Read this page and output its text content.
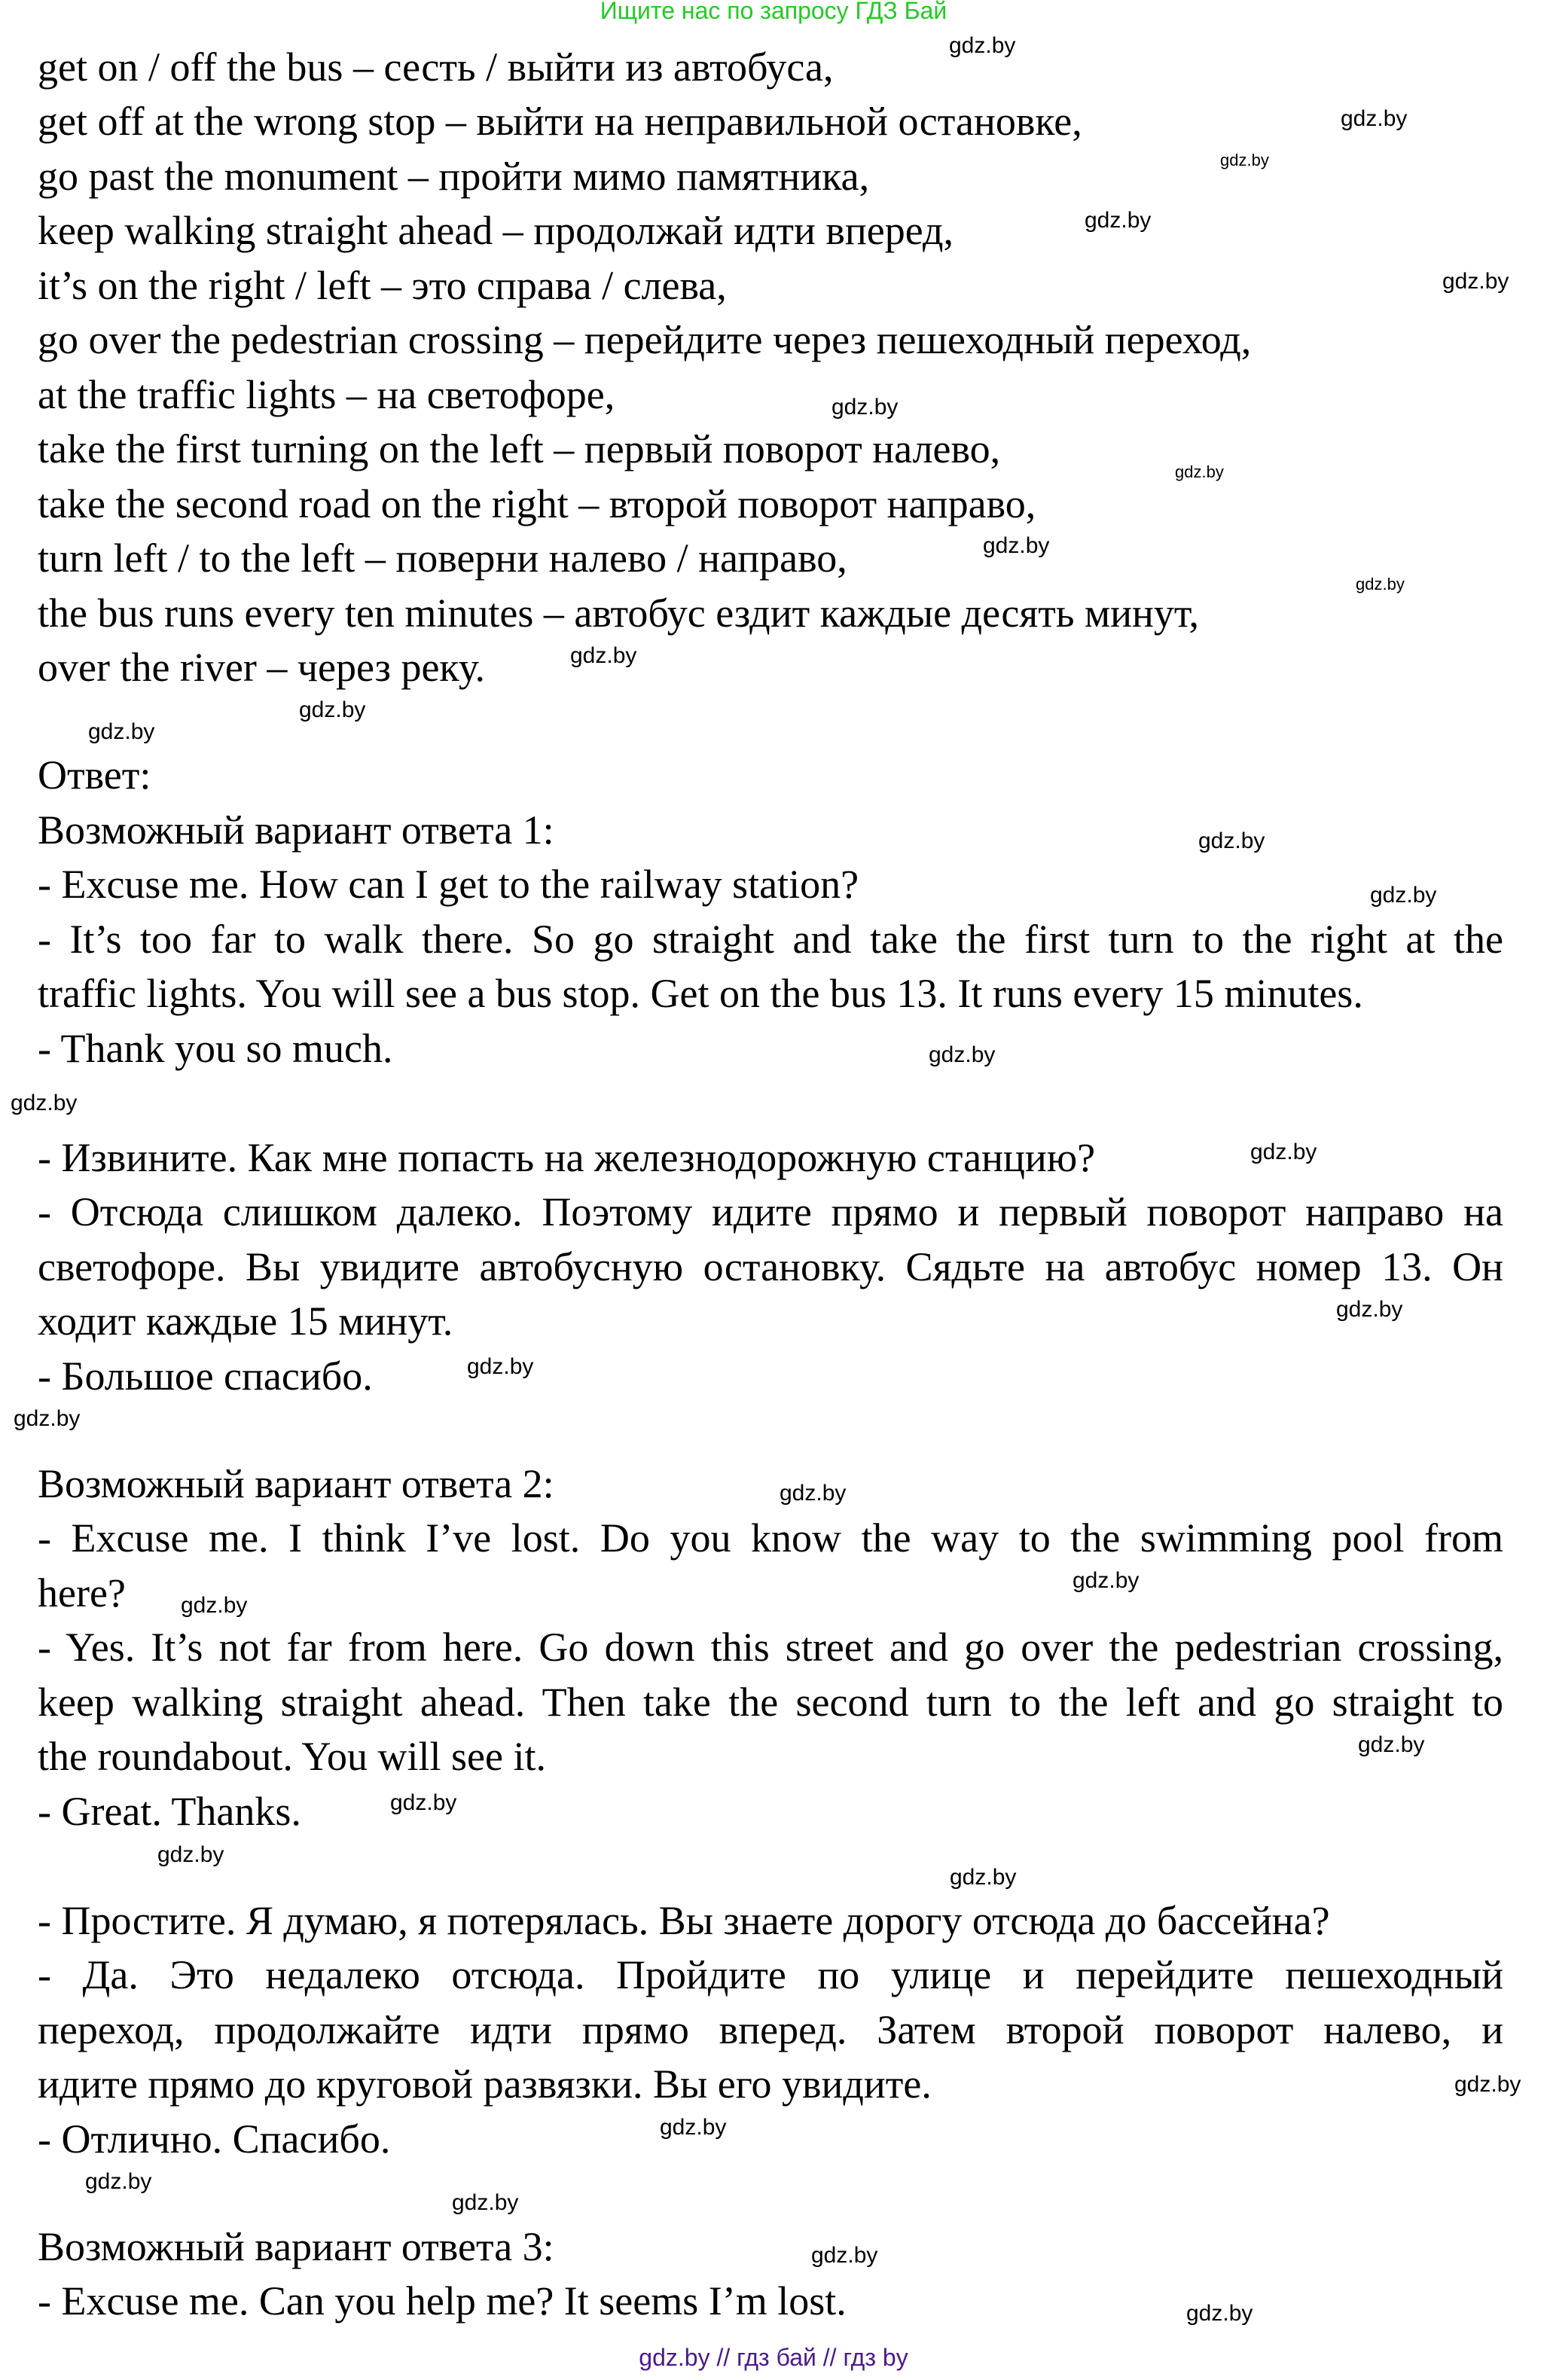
Ищите нас по запросу ГДЗ Бай
get on / off the bus – сесть / выйти из автобуса,
get off at the wrong stop – выйти на неправильной остановке,
go past the monument – пройти мимо памятника,
keep walking straight ahead – продолжай идти вперед,
it’s on the right / left – это справа / слева,
go over the pedestrian crossing – перейдите через пешеходный переход,
at the traffic lights – на светофоре,
take the first turning on the left – первый поворот налево,
take the second road on the right – второй поворот направо,
turn left / to the left – поверни налево / направо,
the bus runs every ten minutes – автобус ездит каждые десять минут,
over the river – через реку.
Ответ:
Возможный вариант ответа 1:
- Excuse me. How can I get to the railway station?
- It’s too far to walk there. So go straight and take the first turn to the right at the
traffic lights. You will see a bus stop. Get on the bus 13. It runs every 15 minutes.
- Thank you so much.
- Извините. Как мне попасть на железнодорожную станцию?
- Отсюда слишком далеко. Поэтому идите прямо и первый поворот направо на
светофоре. Вы увидите автобусную остановку. Сядьте на автобус номер 13. Он
ходит каждые 15 минут.
- Большое спасибо.
Возможный вариант ответа 2:
- Excuse me. I think I’ve lost. Do you know the way to the swimming pool from
here?
- Yes. It’s not far from here. Go down this street and go over the pedestrian crossing,
keep walking straight ahead. Then take the second turn to the left and go straight to
the roundabout. You will see it.
- Great. Thanks.
- Простите. Я думаю, я потерялась. Вы знаете дорогу отсюда до бассейна?
- Да. Это недалеко отсюда. Пройдите по улице и перейдите пешеходный
переход, продолжайте идти прямо вперед. Затем второй поворот налево, и
идите прямо до круговой развязки. Вы его увидите.
- Отлично. Спасибо.
Возможный вариант ответа 3:
- Excuse me. Can you help me? It seems I’m lost.
gdz.by
gdz.by
gdz.by
gdz.by
gdz.by
gdz.by
gdz.by
gdz.by
gdz.by
gdz.by
gdz.by
gdz.by
gdz.by
gdz.by
gdz.by
gdz.by
gdz.by
gdz.by
gdz.by
gdz.by
gdz.by
gdz.by
gdz.by
gdz.by
gdz.by
gdz.by
gdz.by
gdz.by
gdz.by
gdz.by
gdz.by
gdz.by
gdz.by
gdz.by // гдз бай // гдз by
